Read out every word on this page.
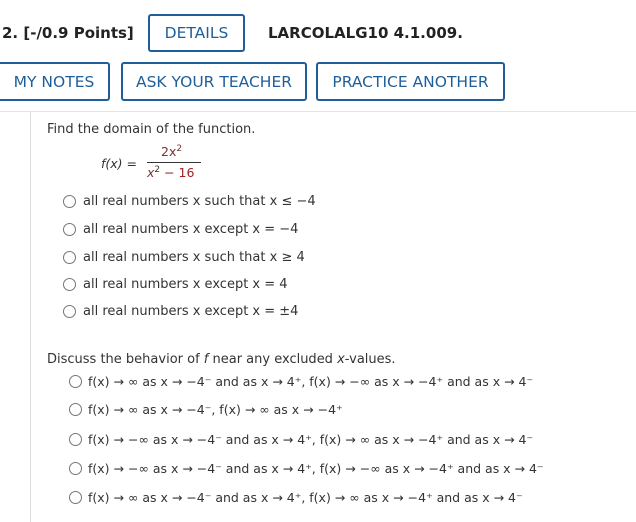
2. [-/0.9 Points]	DETAILS	LARCOLALG10 4.1.009.
MY NOTES	ASK YOUR TEACHER	PRACTICE ANOTHER
Find the domain of the function.
f(x) =
$2x^2$
$x^2 - 16$
all real numbers x such that x ≤ −4
all real numbers x except x = −4
all real numbers x such that x ≥ 4
all real numbers x except x = 4
all real numbers x except x = ±4
Discuss the behavior of f near any excluded x-values.
f(x) → ∞ as x → −4⁻ and as x → 4⁺, f(x) → −∞ as x → −4⁺ and as x → 4⁻
f(x) → ∞ as x → −4⁻, f(x) → ∞ as x → −4⁺
f(x) → −∞ as x → −4⁻ and as x → 4⁺, f(x) → ∞ as x → −4⁺ and as x → 4⁻
f(x) → −∞ as x → −4⁻ and as x → 4⁺, f(x) → −∞ as x → −4⁺ and as x → 4⁻
f(x) → ∞ as x → −4⁻ and as x → 4⁺, f(x) → ∞ as x → −4⁺ and as x → 4⁻
